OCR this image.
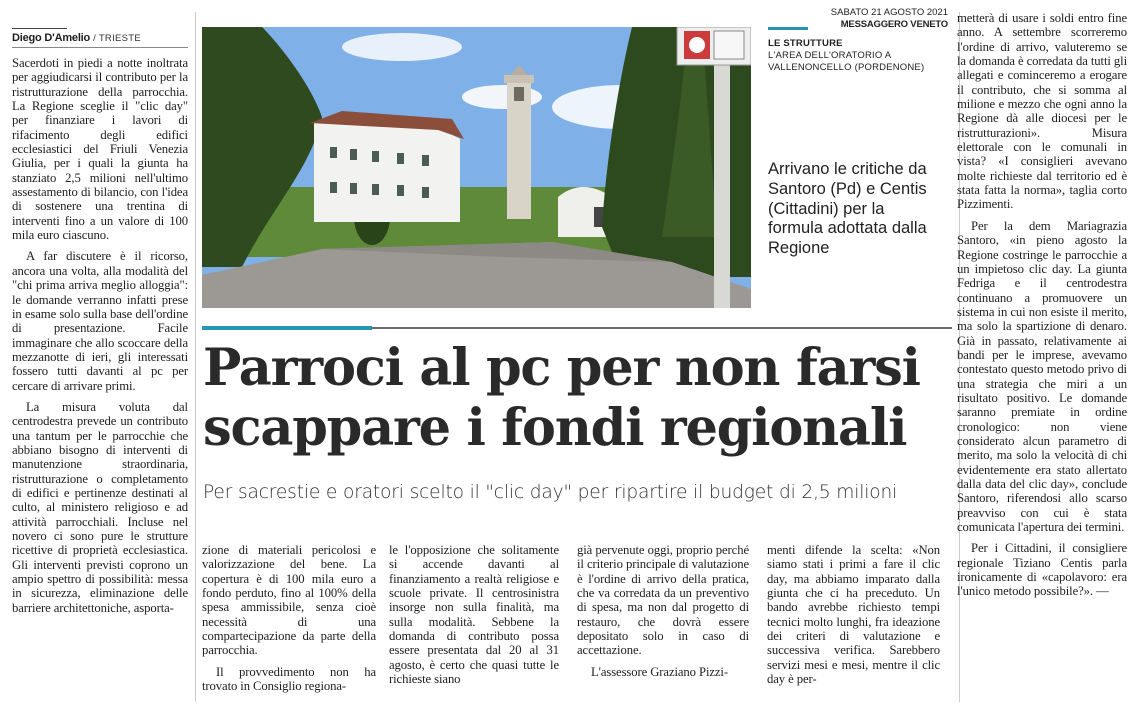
Diego D'Amelio / TRIESTE
SABATO 21 AGOSTO 2021
MESSAGGERO VENETO
LE STRUTTURE
L'AREA DELL'ORATORIO A VALLENONCELLO (PORDENONE)
Arrivano le critiche da Santoro (Pd) e Centis (Cittadini) per la formula adottata dalla Regione
Parroci al pc per non farsi scappare i fondi regionali
Per sacrestie e oratori scelto il "clic day" per ripartire il budget di 2,5 milioni

Sacerdoti in piedi a notte inoltrata per aggiudicarsi il contributo per la ristrutturazione della parrocchia. La Regione sceglie il "clic day" per finanziare i lavori di rifacimento degli edifici ecclesiastici del Friuli Venezia Giulia, per i quali la giunta ha stanziato 2,5 milioni nell'ultimo assestamento di bilancio, con l'idea di sostenere una trentina di interventi fino a un valore di 100 mila euro ciascuno.

A far discutere è il ricorso, ancora una volta, alla modalità del "chi prima arriva meglio alloggia": le domande verranno infatti prese in esame solo sulla base dell'ordine di presentazione. Facile immaginare che allo scoccare della mezzanotte di ieri, gli interessati fossero tutti davanti al pc per cercare di arrivare primi.

La misura voluta dal centrodestra prevede un contributo una tantum per le parrocchie che abbiano bisogno di interventi di manutenzione straordinaria, ristrutturazione o completamento di edifici e pertinenze destinati al culto, al ministero religioso e ad attività parrocchiali. Incluse nel novero ci sono pure le strutture ricettive di proprietà ecclesiastica. Gli interventi previsti coprono un ampio spettro di possibilità: messa in sicurezza, eliminazione delle barriere architettoniche, asporta-

zione di materiali pericolosi e valorizzazione del bene. La copertura è di 100 mila euro a fondo perduto, fino al 100% della spesa ammissibile, senza cioè necessità di una compartecipazione da parte della parrocchia.

Il provvedimento non ha trovato in Consiglio regiona-

le l'opposizione che solitamente si accende davanti al finanziamento a realtà religiose e scuole private. Il centrosinistra insorge non sulla finalità, ma sulla modalità. Sebbene la domanda di contributo possa essere presentata dal 20 al 31 agosto, è certo che quasi tutte le richieste siano

già pervenute oggi, proprio perché il criterio principale di valutazione è l'ordine di arrivo della pratica, che va corredata da un preventivo di spesa, ma non dal progetto di restauro, che dovrà essere depositato solo in caso di accettazione.

L'assessore Graziano Pizzi-

menti difende la scelta: «Non siamo stati i primi a fare il clic day, ma abbiamo imparato dalla giunta che ci ha preceduto. Un bando avrebbe richiesto tempi tecnici molto lunghi, fra ideazione dei criteri di valutazione e successiva verifica. Sarebbero servizi mesi e mesi, mentre il clic day è per-

metterà di usare i soldi entro fine anno. A settembre scorreremo l'ordine di arrivo, valuteremo se la domanda è corredata da tutti gli allegati e cominceremo a erogare il contributo, che si somma al milione e mezzo che ogni anno la Regione dà alle diocesi per le ristrutturazioni». Misura elettorale con le comunali in vista? «I consiglieri avevano molte richieste dal territorio ed è stata fatta la norma», taglia corto Pizzimenti.

Per la dem Mariagrazia Santoro, «in pieno agosto la Regione costringe le parrocchie a un impietoso clic day. La giunta Fedriga e il centrodestra continuano a promuovere un sistema in cui non esiste il merito, ma solo la spartizione di denaro. Già in passato, relativamente ai bandi per le imprese, avevamo contestato questo metodo privo di una strategia che miri a un risultato positivo. Le domande saranno premiate in ordine cronologico: non viene considerato alcun parametro di merito, ma solo la velocità di chi evidentemente era stato allertato dalla data del clic day», conclude Santoro, riferendosi allo scarso preavviso con cui è stata comunicata l'apertura dei termini.

Per i Cittadini, il consigliere regionale Tiziano Centis parla ironicamente di «capolavoro: era l'unico metodo possibile?». —
